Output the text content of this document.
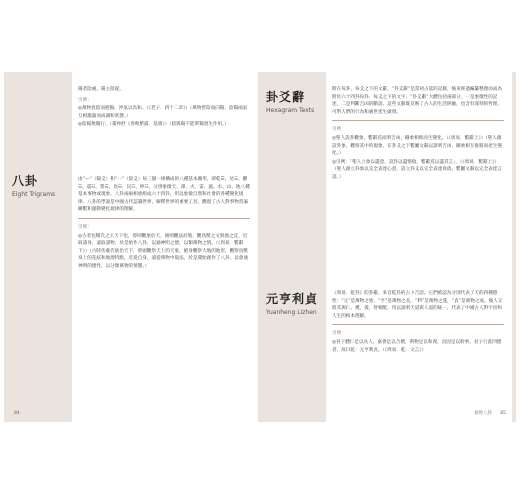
八卦
Eight Trigrams

陽者陰處，陽主陰從。

引例：

◎萬物負陰而抱陽，沖氣以為和。（《老子．四十二章》）（萬物皆陰而向陽，陰陽兩氣互相激蕩而成調和狀態。）

◎陰陽無獨行。（董仲舒《春秋繁露．基義》）（陰與陽不能單獨發生作用。）

由“—”（陽爻）和“- -”（陰爻）每三個一組構成的八種基本圖形，即乾☰、兌☱、離☲、震☳、巽☴、坎☵、艮☶、坤☷。分別象徵天、澤、火、雷、風、水、山、地八種基本事物或現象。八卦兩兩相重組成六十四卦，用以象徵自然和社會的各種變化規律。八卦的學說是中國古代認識世界、解釋世界的重要工具，體現了古人對事物普遍聯繫和運動變化規律的理解。

引例：

◎古者包犧氏之王天下也，仰則觀象於天，俯則觀法於地，觀鳥獸之文與地之宜，近取諸身，遠取諸物，於是始作八卦，以通神明之德，以類萬物之情。（《周易．繫辭下》）（古時伏羲氏統治天下，仰頭觀察天上的天象，俯身觀察大地的地形，觀察鳥獸身上的花紋和地理特點，近從自身，遠從萬物中取法，於是開始創作了八卦，以會通神明的德性，以分類萬物的情態。）

84
卦爻辭
Hexagram Texts
元亨利貞
Yuanheng Lizhen

附在每卦、每爻之下的文辭，“卦爻辭”是當初占筮的記錄，後來經過編纂整理而成為附於六十四卦每卦、每爻之下的文字。“卦爻辭”大體包括兩部分，一是象徵性的記述，二是判斷吉凶的斷語。這些文辭既反映了古人的生活經驗，也含有深刻的哲理，可對人們的行為和處世產生啟發。

引例：

◎聖人設卦觀象，繫辭焉而明吉凶，剛柔相推而生變化。（《周易．繫辭上》）（聖人創設卦象，觀察其中的現象，在卦爻之下繫屬文辭以說明吉凶，剛柔相互推移而產生變化。）

◎引例：「聖人立象以盡意，設卦以盡情偽，繫辭焉以盡其言」。（《周易．繫辭上》）（聖人創立卦象以完全表達心意，設立卦爻以完全表達真偽，繫屬文辭以完全表達言語。）

《周易．乾卦》的卦辭，來自乾卦的占卜吉語。它們被認為分別代表了天的四種德性：“元”是萬物之始，“亨”是萬物之長，“利”是萬物之遂，“貞”是萬物之成。後人又將其與仁、禮、義、智相配，用以說明天道與人道的統一，代表了中國古人對宇宙和人生的根本理解。

引例：

◎君子體仁足以長人，嘉會足以合禮，利物足以和義，貞固足以幹事。君子行此四德者，故曰乾：元亨利貞。（《周易．乾．文言》）

易經八卦 85
